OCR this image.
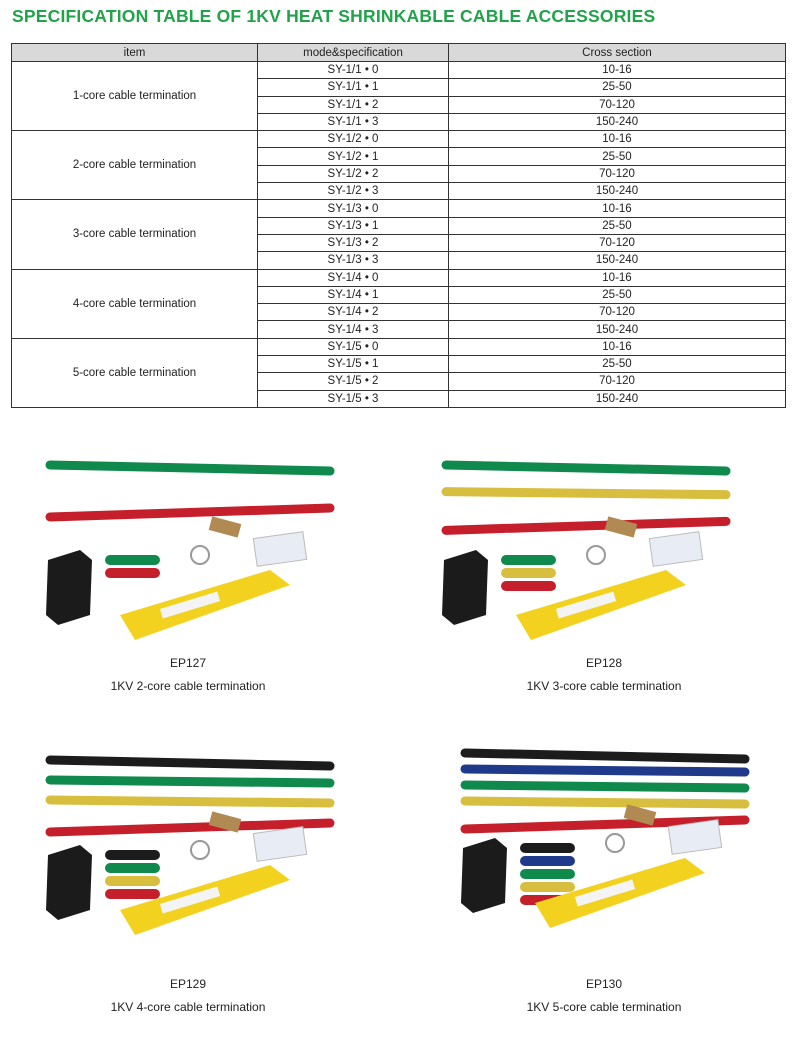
SPECIFICATION TABLE OF 1KV HEAT SHRINKABLE CABLE ACCESSORIES
item	mode&specification	Cross section
1-core cable termination	SY-1/1 • 0	10-16
	SY-1/1 • 1	25-50
	SY-1/1 • 2	70-120
	SY-1/1 • 3	150-240
2-core cable termination	SY-1/2 • 0	10-16
	SY-1/2 • 1	25-50
	SY-1/2 • 2	70-120
	SY-1/2 • 3	150-240
3-core cable termination	SY-1/3 • 0	10-16
	SY-1/3 • 1	25-50
	SY-1/3 • 2	70-120
	SY-1/3 • 3	150-240
4-core cable termination	SY-1/4 • 0	10-16
	SY-1/4 • 1	25-50
	SY-1/4 • 2	70-120
	SY-1/4 • 3	150-240
5-core cable termination	SY-1/5 • 0	10-16
	SY-1/5 • 1	25-50
	SY-1/5 • 2	70-120
	SY-1/5 • 3	150-240
EP127
1KV 2-core cable termination
EP128
1KV 3-core cable termination
EP129
1KV 4-core cable termination
EP130
1KV 5-core cable termination
